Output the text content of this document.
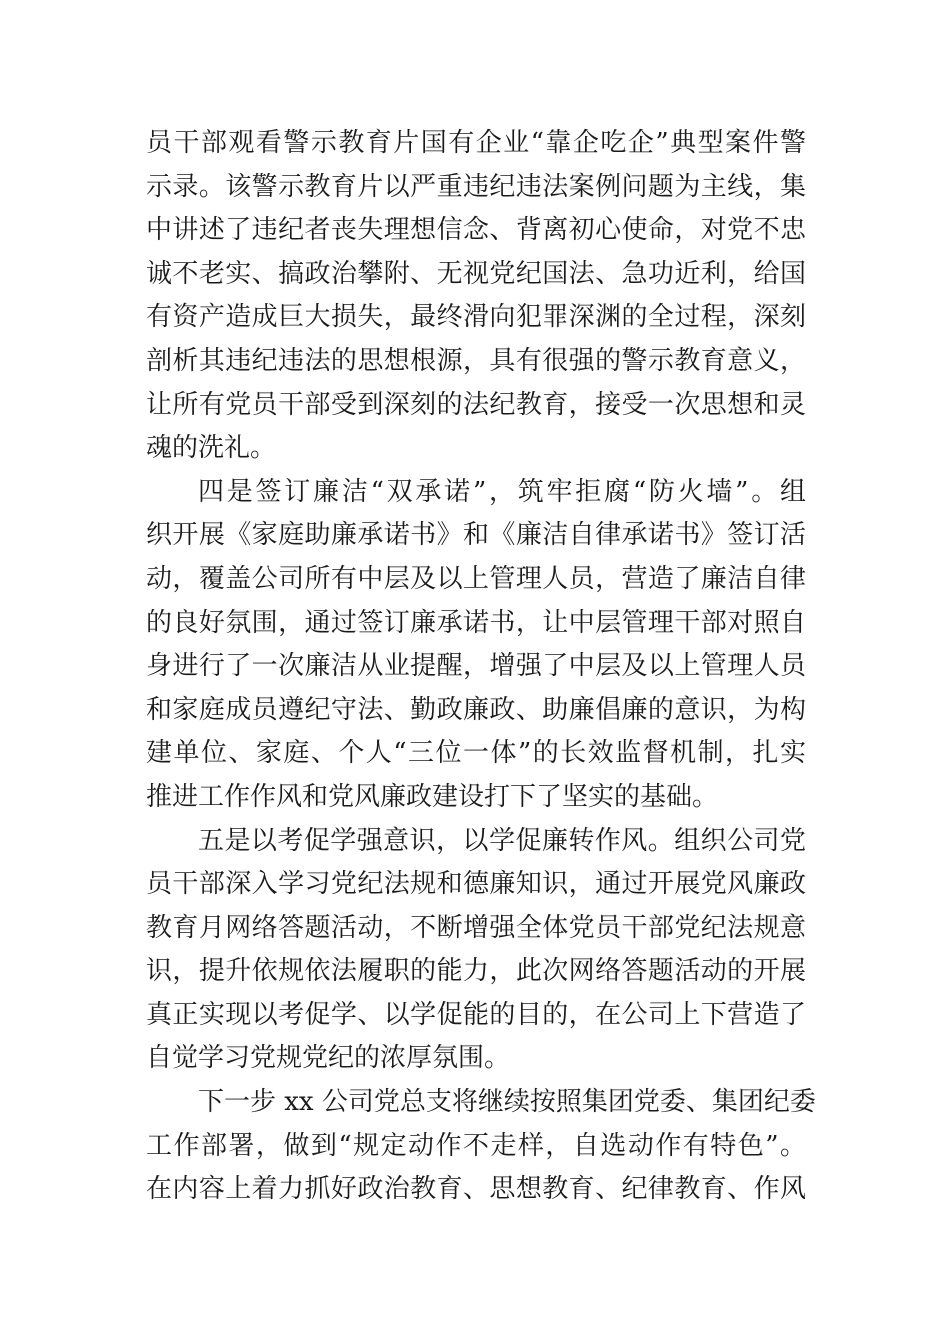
员干部观看警示教育片国有企业“靠企吃企”典型案件警
示录。该警示教育片以严重违纪违法案例问题为主线，集
中讲述了违纪者丧失理想信念、背离初心使命，对党不忠
诚不老实、搞政治攀附、无视党纪国法、急功近利，给国
有资产造成巨大损失，最终滑向犯罪深渊的全过程，深刻
剖析其违纪违法的思想根源，具有很强的警示教育意义，
让所有党员干部受到深刻的法纪教育，接受一次思想和灵
魂的洗礼。
四是签订廉洁“双承诺”，筑牢拒腐“防火墙”。组
织开展《家庭助廉承诺书》和《廉洁自律承诺书》签订活
动，覆盖公司所有中层及以上管理人员，营造了廉洁自律
的良好氛围，通过签订廉承诺书，让中层管理干部对照自
身进行了一次廉洁从业提醒，增强了中层及以上管理人员
和家庭成员遵纪守法、勤政廉政、助廉倡廉的意识，为构
建单位、家庭、个人“三位一体”的长效监督机制，扎实
推进工作作风和党风廉政建设打下了坚实的基础。
五是以考促学强意识，以学促廉转作风。组织公司党
员干部深入学习党纪法规和德廉知识，通过开展党风廉政
教育月网络答题活动，不断增强全体党员干部党纪法规意
识，提升依规依法履职的能力，此次网络答题活动的开展
真正实现以考促学、以学促能的目的，在公司上下营造了
自觉学习党规党纪的浓厚氛围。
下一步 xx 公司党总支将继续按照集团党委、集团纪委
工作部署，做到“规定动作不走样，自选动作有特色”。
在内容上着力抓好政治教育、思想教育、纪律教育、作风
